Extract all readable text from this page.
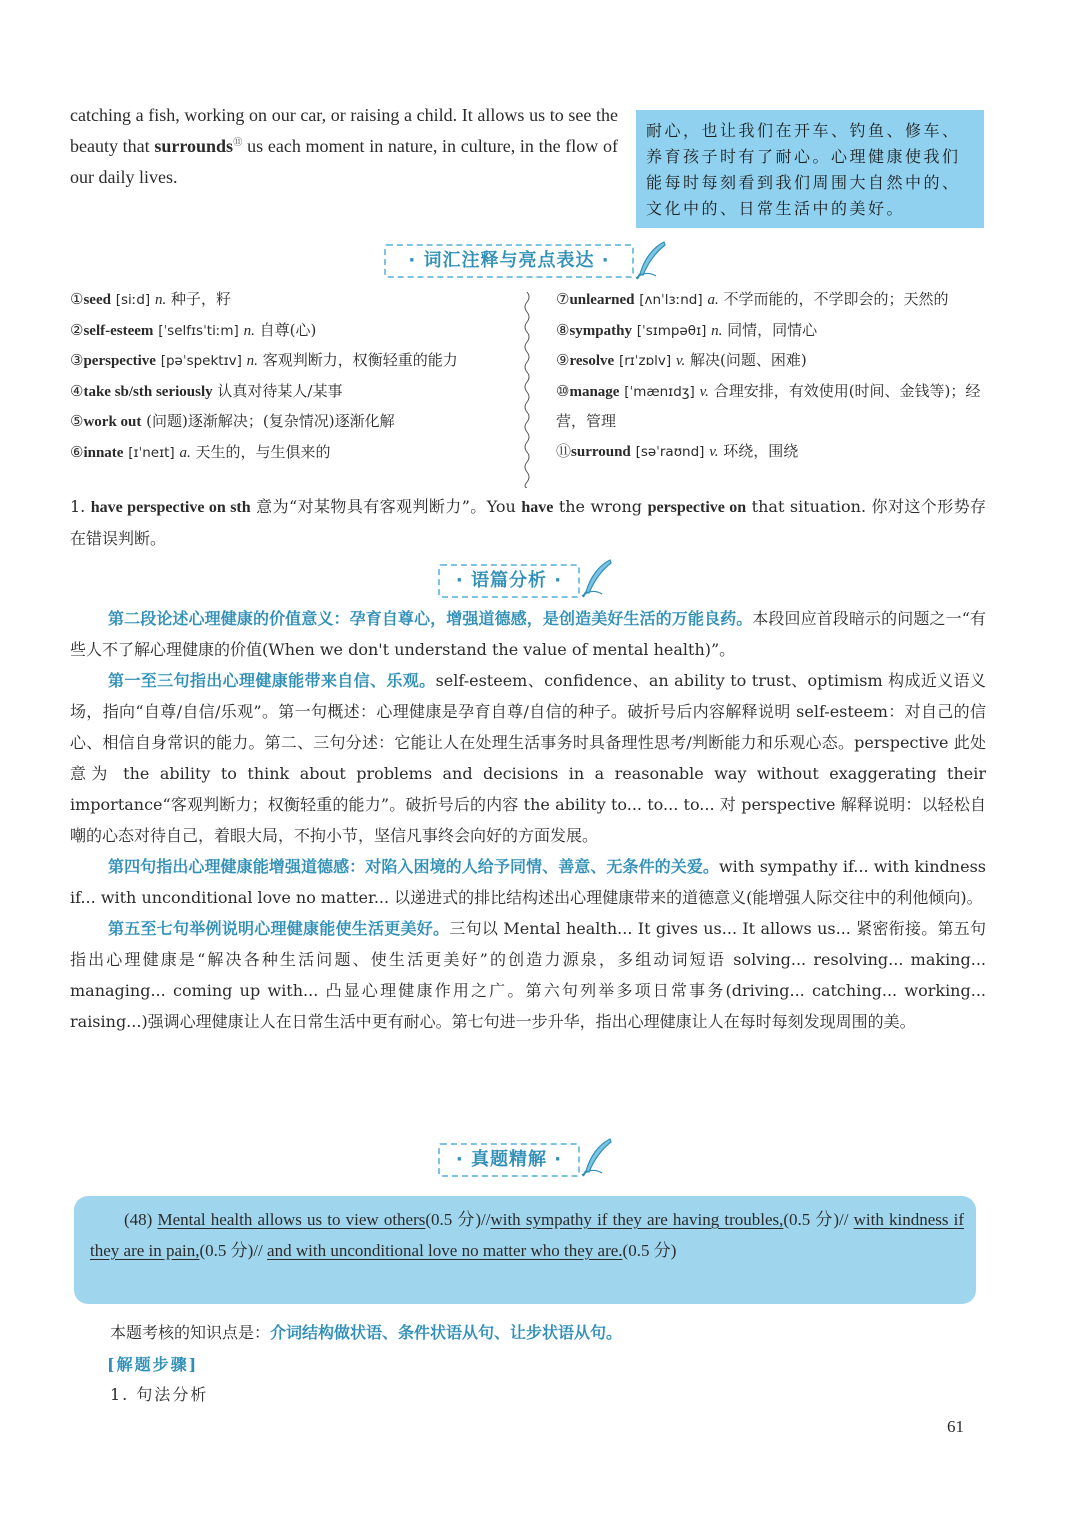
catching a fish, working on our car, or raising a child. It allows us to see the beauty that surrounds⑪ us each moment in nature, in culture, in the flow of our daily lives.
耐心，也让我们在开车、钓鱼、修车、养育孩子时有了耐心。心理健康使我们能每时每刻看到我们周围大自然中的、文化中的、日常生活中的美好。
· 词汇注释与亮点表达 ·
①seed [siːd] n. 种子，籽
②self-esteem [ˈselfɪsˈtiːm] n. 自尊(心)
③perspective [pəˈspektɪv] n. 客观判断力，权衡轻重的能力
④take sb/sth seriously 认真对待某人/某事
⑤work out (问题)逐渐解决；(复杂情况)逐渐化解
⑥innate [ɪˈneɪt] a. 天生的，与生俱来的
⑦unlearned [ʌnˈlɜːnd] a. 不学而能的，不学即会的；天然的
⑧sympathy [ˈsɪmpəθɪ] n. 同情，同情心
⑨resolve [rɪˈzɒlv] v. 解决(问题、困难)
⑩manage [ˈmænɪdʒ] v. 合理安排，有效使用(时间、金钱等)；经营，管理
⑪surround [səˈraʊnd] v. 环绕，围绕
1. have perspective on sth 意为“对某物具有客观判断力”。You have the wrong perspective on that situation. 你对这个形势存在错误判断。
· 语篇分析 ·

第二段论述心理健康的价值意义：孕育自尊心，增强道德感，是创造美好生活的万能良药。本段回应首段暗示的问题之一“有些人不了解心理健康的价值(When we don't understand the value of mental health)”。

第一至三句指出心理健康能带来自信、乐观。self-esteem、confidence、an ability to trust、optimism 构成近义语义场，指向“自尊/自信/乐观”。第一句概述：心理健康是孕育自尊/自信的种子。破折号后内容解释说明 self-esteem：对自己的信心、相信自身常识的能力。第二、三句分述：它能让人在处理生活事务时具备理性思考/判断能力和乐观心态。perspective 此处意为 the ability to think about problems and decisions in a reasonable way without exaggerating their importance“客观判断力；权衡轻重的能力”。破折号后的内容 the ability to... to... to... 对 perspective 解释说明：以轻松自嘲的心态对待自己，着眼大局，不拘小节，坚信凡事终会向好的方面发展。

第四句指出心理健康能增强道德感：对陷入困境的人给予同情、善意、无条件的关爱。with sympathy if... with kindness if... with unconditional love no matter... 以递进式的排比结构述出心理健康带来的道德意义(能增强人际交往中的利他倾向)。

第五至七句举例说明心理健康能使生活更美好。三句以 Mental health... It gives us... It allows us... 紧密衔接。第五句指出心理健康是“解决各种生活问题、使生活更美好”的创造力源泉，多组动词短语 solving... resolving... making... managing... coming up with... 凸显心理健康作用之广。第六句列举多项日常事务(driving... catching... working... raising...)强调心理健康让人在日常生活中更有耐心。第七句进一步升华，指出心理健康让人在每时每刻发现周围的美。

· 真题精解 ·
  (48) Mental health allows us to view others(0.5 分)//with sympathy if they are having troubles,(0.5 分)// with kindness if they are in pain,(0.5 分)// and with unconditional love no matter who they are.(0.5 分)
本题考核的知识点是：介词结构做状语、条件状语从句、让步状语从句。
[解题步骤]
1. 句法分析
61
